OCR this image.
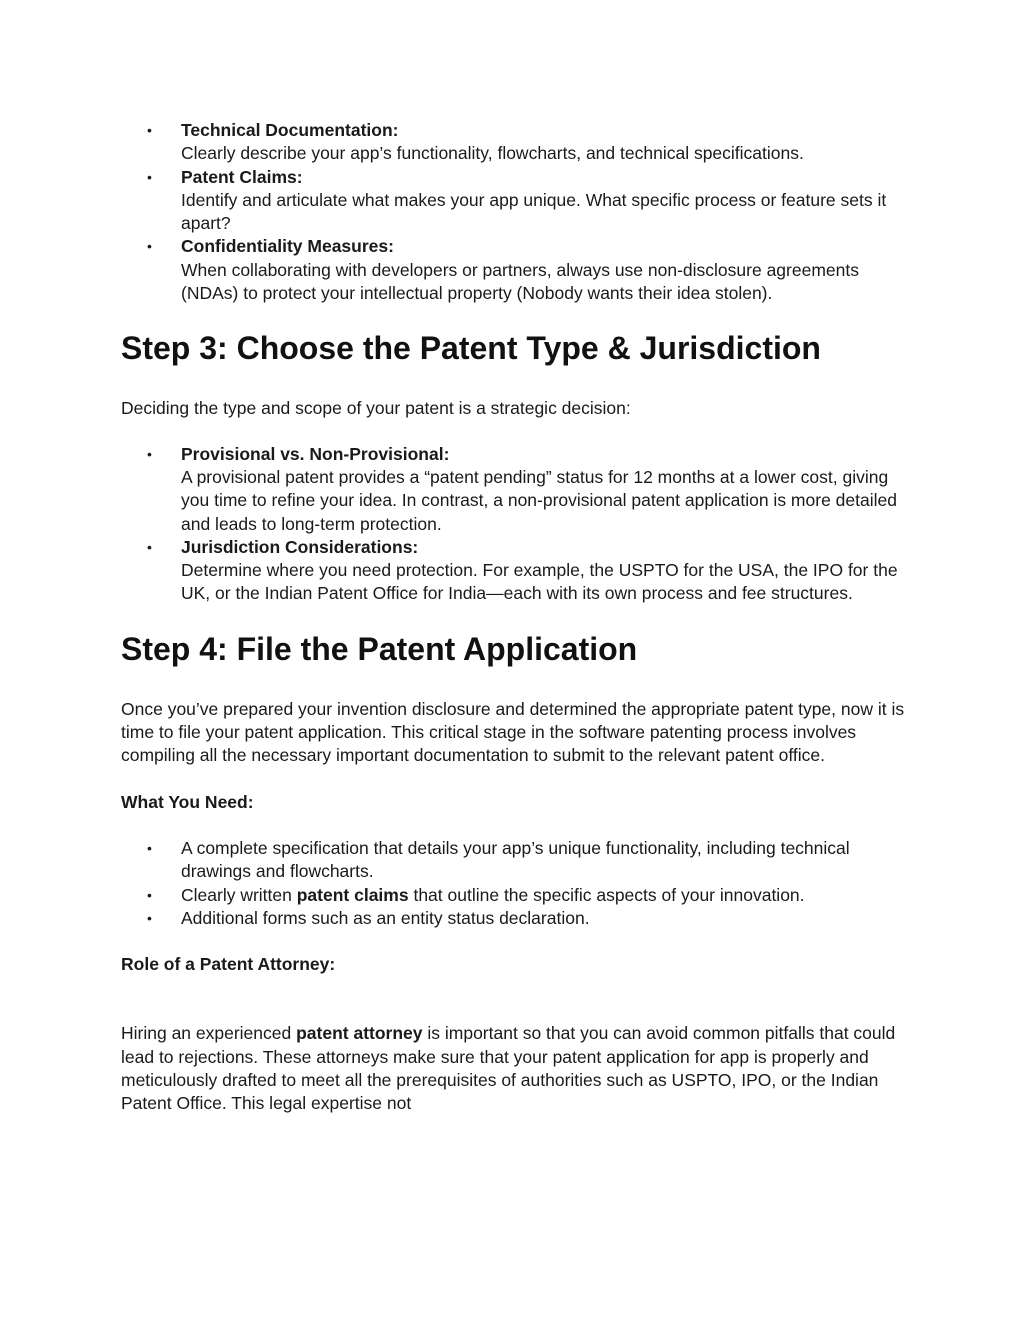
• Technical Documentation:
Clearly describe your app’s functionality, flowcharts, and technical specifications.
• Patent Claims:
Identify and articulate what makes your app unique. What specific process or feature sets it apart?
• Confidentiality Measures:
When collaborating with developers or partners, always use non-disclosure agreements (NDAs) to protect your intellectual property (Nobody wants their idea stolen).
Step 3: Choose the Patent Type & Jurisdiction

Deciding the type and scope of your patent is a strategic decision:

• Provisional vs. Non-Provisional:
A provisional patent provides a “patent pending” status for 12 months at a lower cost, giving you time to refine your idea. In contrast, a non-provisional patent application is more detailed and leads to long-term protection.
• Jurisdiction Considerations:
Determine where you need protection. For example, the USPTO for the USA, the IPO for the UK, or the Indian Patent Office for India—each with its own process and fee structures.
Step 4: File the Patent Application

Once you’ve prepared your invention disclosure and determined the appropriate patent type, now it is time to file your patent application. This critical stage in the software patenting process involves compiling all the necessary important documentation to submit to the relevant patent office.

What You Need:

• A complete specification that details your app’s unique functionality, including technical drawings and flowcharts.
• Clearly written patent claims that outline the specific aspects of your innovation.
• Additional forms such as an entity status declaration.

Role of a Patent Attorney:

Hiring an experienced patent attorney is important so that you can avoid common pitfalls that could lead to rejections. These attorneys make sure that your patent application for app is properly and meticulously drafted to meet all the prerequisites of authorities such as USPTO, IPO, or the Indian Patent Office. This legal expertise not
